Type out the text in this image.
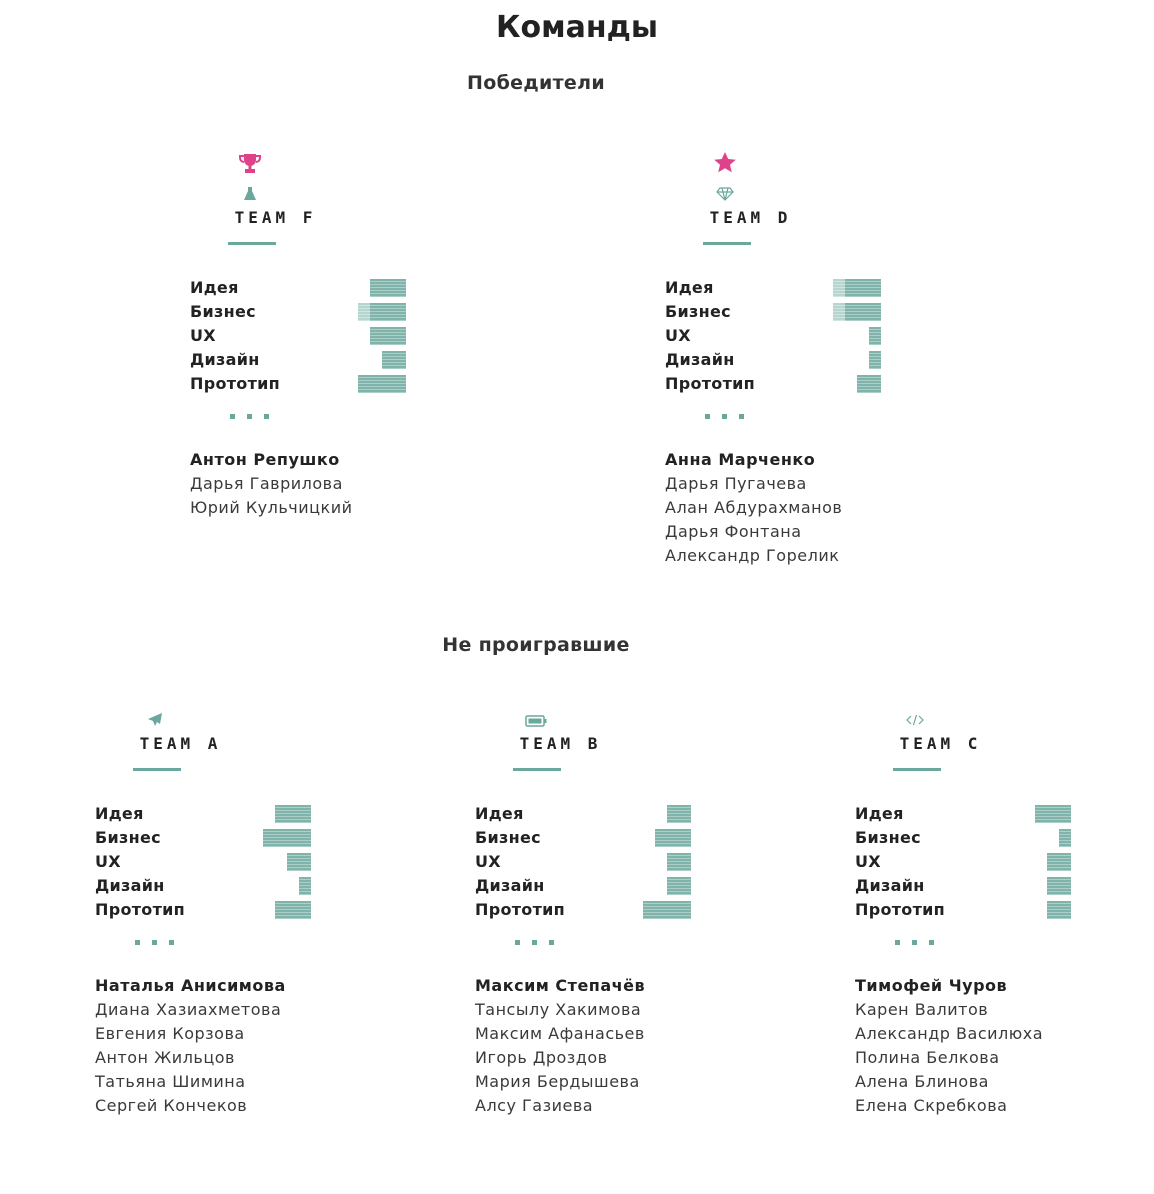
Команды
Победители
Не проигравшие
TEAM F
Идея
Бизнес
UX
Дизайн
Прототип
Антон Репушко
Дарья Гаврилова
Юрий Кульчицкий
TEAM D
Идея
Бизнес
UX
Дизайн
Прототип
Анна Марченко
Дарья Пугачева
Алан Абдурахманов
Дарья Фонтана
Александр Горелик
TEAM A
Идея
Бизнес
UX
Дизайн
Прототип
Наталья Анисимова
Диана Хазиахметова
Евгения Корзова
Антон Жильцов
Татьяна Шимина
Сергей Кончеков
TEAM B
Идея
Бизнес
UX
Дизайн
Прототип
Максим Степачёв
Тансылу Хакимова
Максим Афанасьев
Игорь Дроздов
Мария Бердышева
Алсу Газиева
TEAM C
Идея
Бизнес
UX
Дизайн
Прототип
Тимофей Чуров
Карен Валитов
Александр Василюха
Полина Белкова
Алена Блинова
Елена Скребкова
